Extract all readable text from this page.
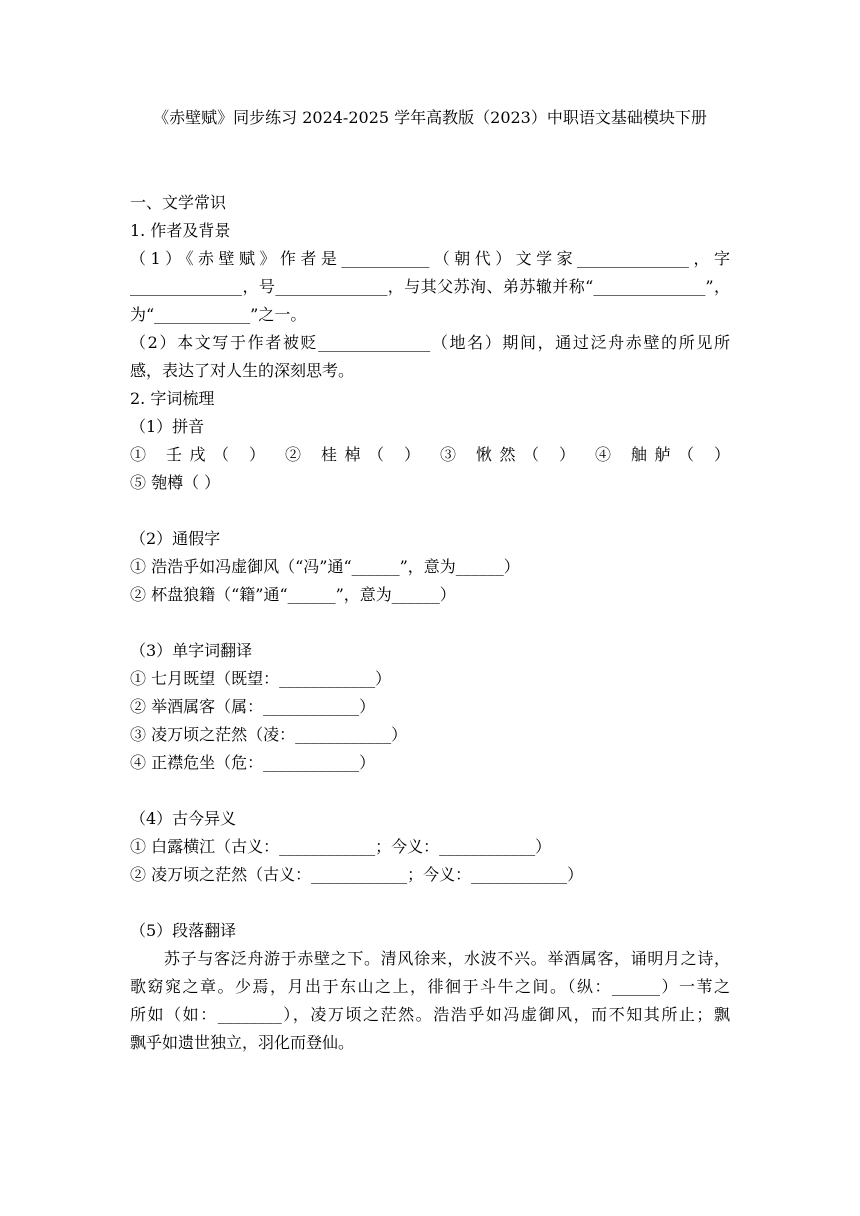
《赤壁赋》同步练习 2024-2025 学年高教版（2023）中职语文基础模块下册
一、文学常识
1. 作者及背景
（1）《赤壁赋》作者是___________（朝代）文学家______________，字
______________，号______________，与其父苏洵、弟苏辙并称“______________”，
为“____________”之一。
（2）本文写于作者被贬______________（地名）期间，通过泛舟赤壁的所见所
感，表达了对人生的深刻思考。
2. 字词梳理
（1）拼音
① 壬戌（ ） ② 桂棹（ ） ③ 愀然（ ） ④ 舳舻（ ）
⑤ 匏樽（ ）
（2）通假字
① 浩浩乎如冯虚御风（“冯”通“______”，意为______）
② 杯盘狼籍（“籍”通“______”，意为______）
（3）单字词翻译
① 七月既望（既望：____________）
② 举酒属客（属：____________）
③ 凌万顷之茫然（凌：____________）
④ 正襟危坐（危：____________）
（4）古今异义
① 白露横江（古义：____________；今义：____________）
② 凌万顷之茫然（古义：____________；今义：____________）
（5）段落翻译
苏子与客泛舟游于赤壁之下。清风徐来，水波不兴。举酒属客，诵明月之诗，
歌窈窕之章。少焉，月出于东山之上，徘徊于斗牛之间。（纵：______）一苇之
所如（如：________），凌万顷之茫然。浩浩乎如冯虚御风，而不知其所止；飘
飘乎如遗世独立，羽化而登仙。
